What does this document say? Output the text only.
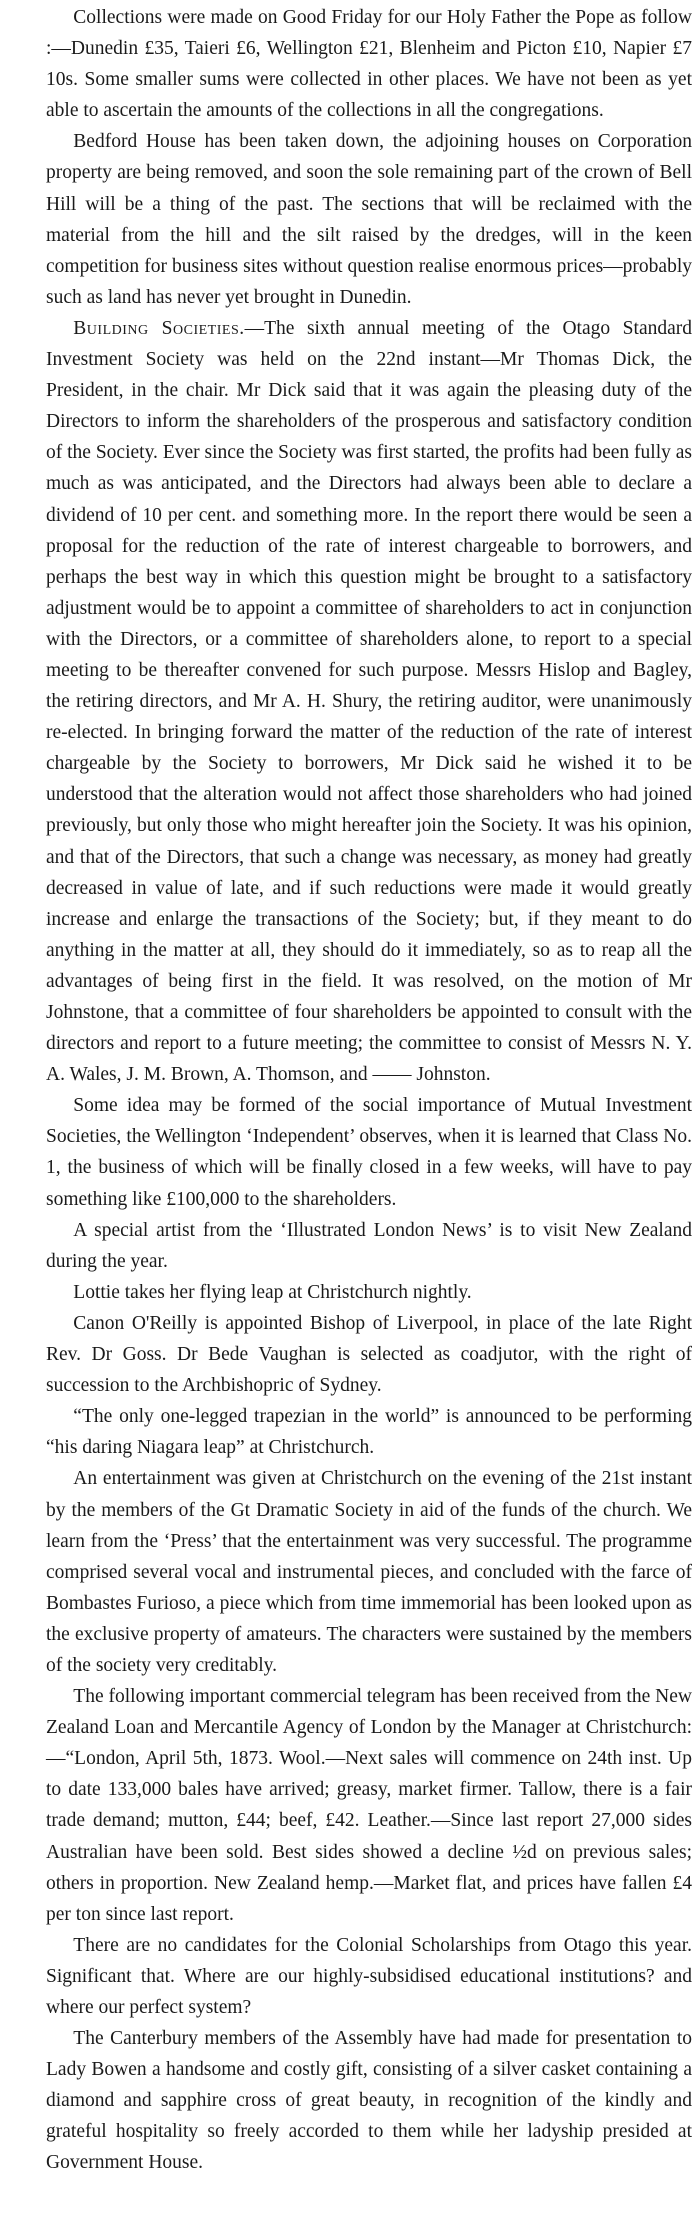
Collections were made on Good Friday for our Holy Father the Pope as follow :—Dunedin £35, Taieri £6, Wellington £21, Blenheim and Picton £10, Napier £7 10s. Some smaller sums were collected in other places. We have not been as yet able to ascertain the amounts of the collections in all the congregations.

Bedford House has been taken down, the adjoining houses on Corporation property are being removed, and soon the sole remaining part of the crown of Bell Hill will be a thing of the past. The sections that will be reclaimed with the material from the hill and the silt raised by the dredges, will in the keen competition for business sites without question realise enormous prices—probably such as land has never yet brought in Dunedin.

Building Societies.—The sixth annual meeting of the Otago Standard Investment Society was held on the 22nd instant—Mr Thomas Dick, the President, in the chair. Mr Dick said that it was again the pleasing duty of the Directors to inform the shareholders of the prosperous and satisfactory condition of the Society. Ever since the Society was first started, the profits had been fully as much as was anticipated, and the Directors had always been able to declare a dividend of 10 per cent. and something more. In the report there would be seen a proposal for the reduction of the rate of interest chargeable to borrowers, and perhaps the best way in which this question might be brought to a satisfactory adjustment would be to appoint a committee of shareholders to act in conjunction with the Directors, or a committee of shareholders alone, to report to a special meeting to be thereafter convened for such purpose. Messrs Hislop and Bagley, the retiring directors, and Mr A. H. Shury, the retiring auditor, were unanimously re-elected. In bringing forward the matter of the reduction of the rate of interest chargeable by the Society to borrowers, Mr Dick said he wished it to be understood that the alteration would not affect those shareholders who had joined previously, but only those who might hereafter join the Society. It was his opinion, and that of the Directors, that such a change was necessary, as money had greatly decreased in value of late, and if such reductions were made it would greatly increase and enlarge the transactions of the Society; but, if they meant to do anything in the matter at all, they should do it immediately, so as to reap all the advantages of being first in the field. It was resolved, on the motion of Mr Johnstone, that a committee of four shareholders be appointed to consult with the directors and report to a future meeting; the committee to consist of Messrs N. Y. A. Wales, J. M. Brown, A. Thomson, and —— Johnston.

Some idea may be formed of the social importance of Mutual Investment Societies, the Wellington ‘Independent’ observes, when it is learned that Class No. 1, the business of which will be finally closed in a few weeks, will have to pay something like £100,000 to the shareholders.

A special artist from the ‘Illustrated London News’ is to visit New Zealand during the year.

Lottie takes her flying leap at Christchurch nightly.

Canon O'Reilly is appointed Bishop of Liverpool, in place of the late Right Rev. Dr Goss. Dr Bede Vaughan is selected as coadjutor, with the right of succession to the Archbishopric of Sydney.

“The only one-legged trapezian in the world” is announced to be performing “his daring Niagara leap” at Christchurch.

An entertainment was given at Christchurch on the evening of the 21st instant by the members of the Gt Dramatic Society in aid of the funds of the church. We learn from the ‘Press’ that the entertainment was very successful. The programme comprised several vocal and instrumental pieces, and concluded with the farce of Bombastes Furioso, a piece which from time immemorial has been looked upon as the exclusive property of amateurs. The characters were sustained by the members of the society very creditably.

The following important commercial telegram has been received from the New Zealand Loan and Mercantile Agency of London by the Manager at Christchurch:—“London, April 5th, 1873. Wool.—Next sales will commence on 24th inst. Up to date 133,000 bales have arrived; greasy, market firmer. Tallow, there is a fair trade demand; mutton, £44; beef, £42. Leather.—Since last report 27,000 sides Australian have been sold. Best sides showed a decline ½d on previous sales; others in proportion. New Zealand hemp.—Market flat, and prices have fallen £4 per ton since last report.

There are no candidates for the Colonial Scholarships from Otago this year. Significant that. Where are our highly-subsidised educational institutions? and where our perfect system?

The Canterbury members of the Assembly have had made for presentation to Lady Bowen a handsome and costly gift, consisting of a silver casket containing a diamond and sapphire cross of great beauty, in recognition of the kindly and grateful hospitality so freely accorded to them while her ladyship presided at Government House.
